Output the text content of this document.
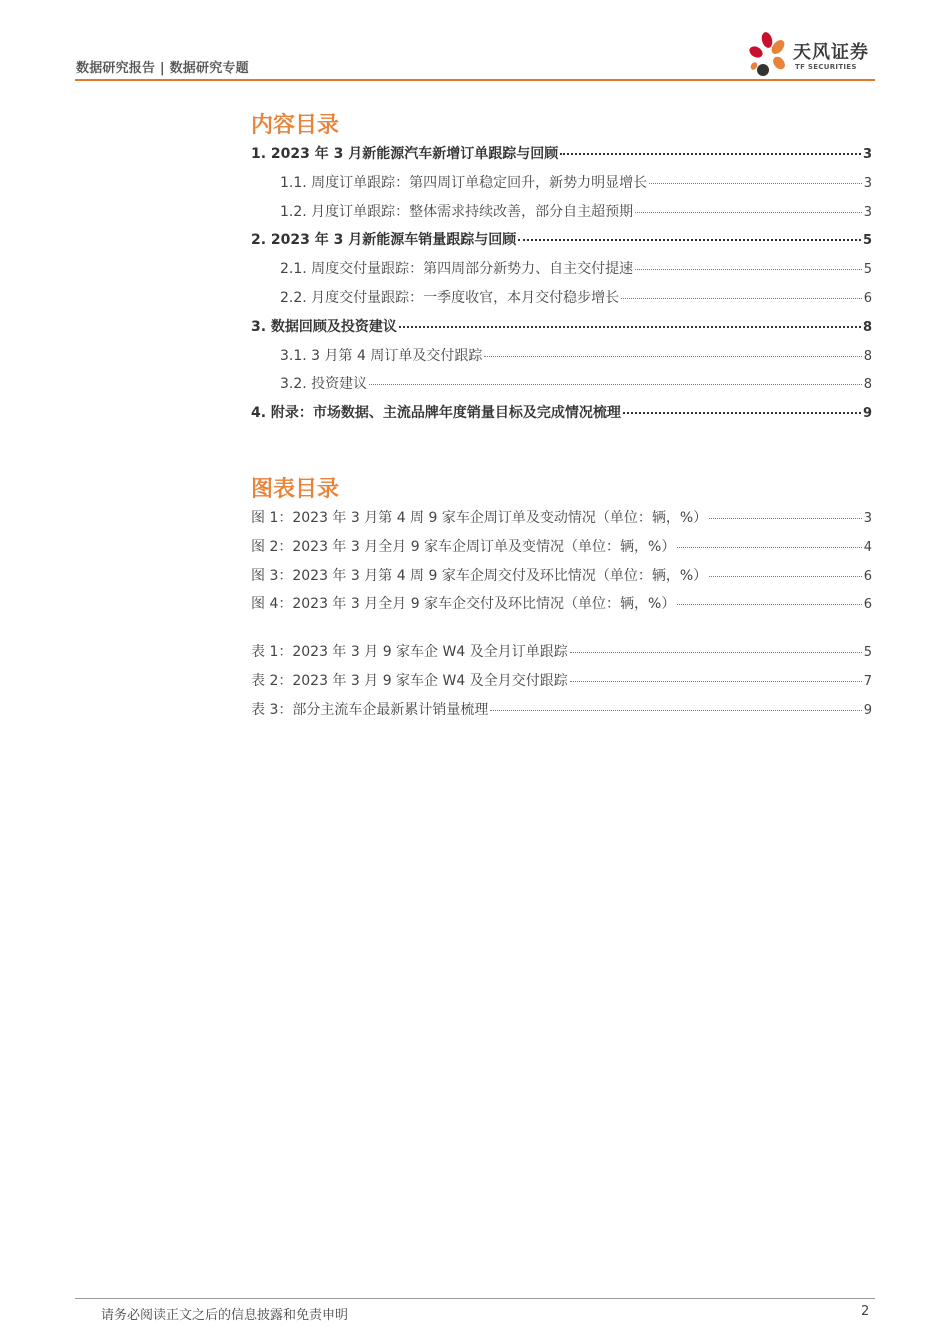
数据研究报告 | 数据研究专题
天风证券
TF SECURITIES
内容目录
1. 2023 年 3 月新能源汽车新增订单跟踪与回顾	3
1.1. 周度订单跟踪：第四周订单稳定回升，新势力明显增长	3
1.2. 月度订单跟踪：整体需求持续改善，部分自主超预期	3
2. 2023 年 3 月新能源车销量跟踪与回顾	5
2.1. 周度交付量跟踪：第四周部分新势力、自主交付提速	5
2.2. 月度交付量跟踪：一季度收官，本月交付稳步增长	6
3. 数据回顾及投资建议	8
3.1. 3 月第 4 周订单及交付跟踪	8
3.2. 投资建议	8
4. 附录：市场数据、主流品牌年度销量目标及完成情况梳理	9
图表目录
图 1：2023 年 3 月第 4 周 9 家车企周订单及变动情况（单位：辆，%）	3
图 2：2023 年 3 月全月 9 家车企周订单及变情况（单位：辆，%）	4
图 3：2023 年 3 月第 4 周 9 家车企周交付及环比情况（单位：辆，%）	6
图 4：2023 年 3 月全月 9 家车企交付及环比情况（单位：辆，%）	6
表 1：2023 年 3 月 9 家车企 W4 及全月订单跟踪	5
表 2：2023 年 3 月 9 家车企 W4 及全月交付跟踪	7
表 3：部分主流车企最新累计销量梳理	9
请务必阅读正文之后的信息披露和免责申明	2
